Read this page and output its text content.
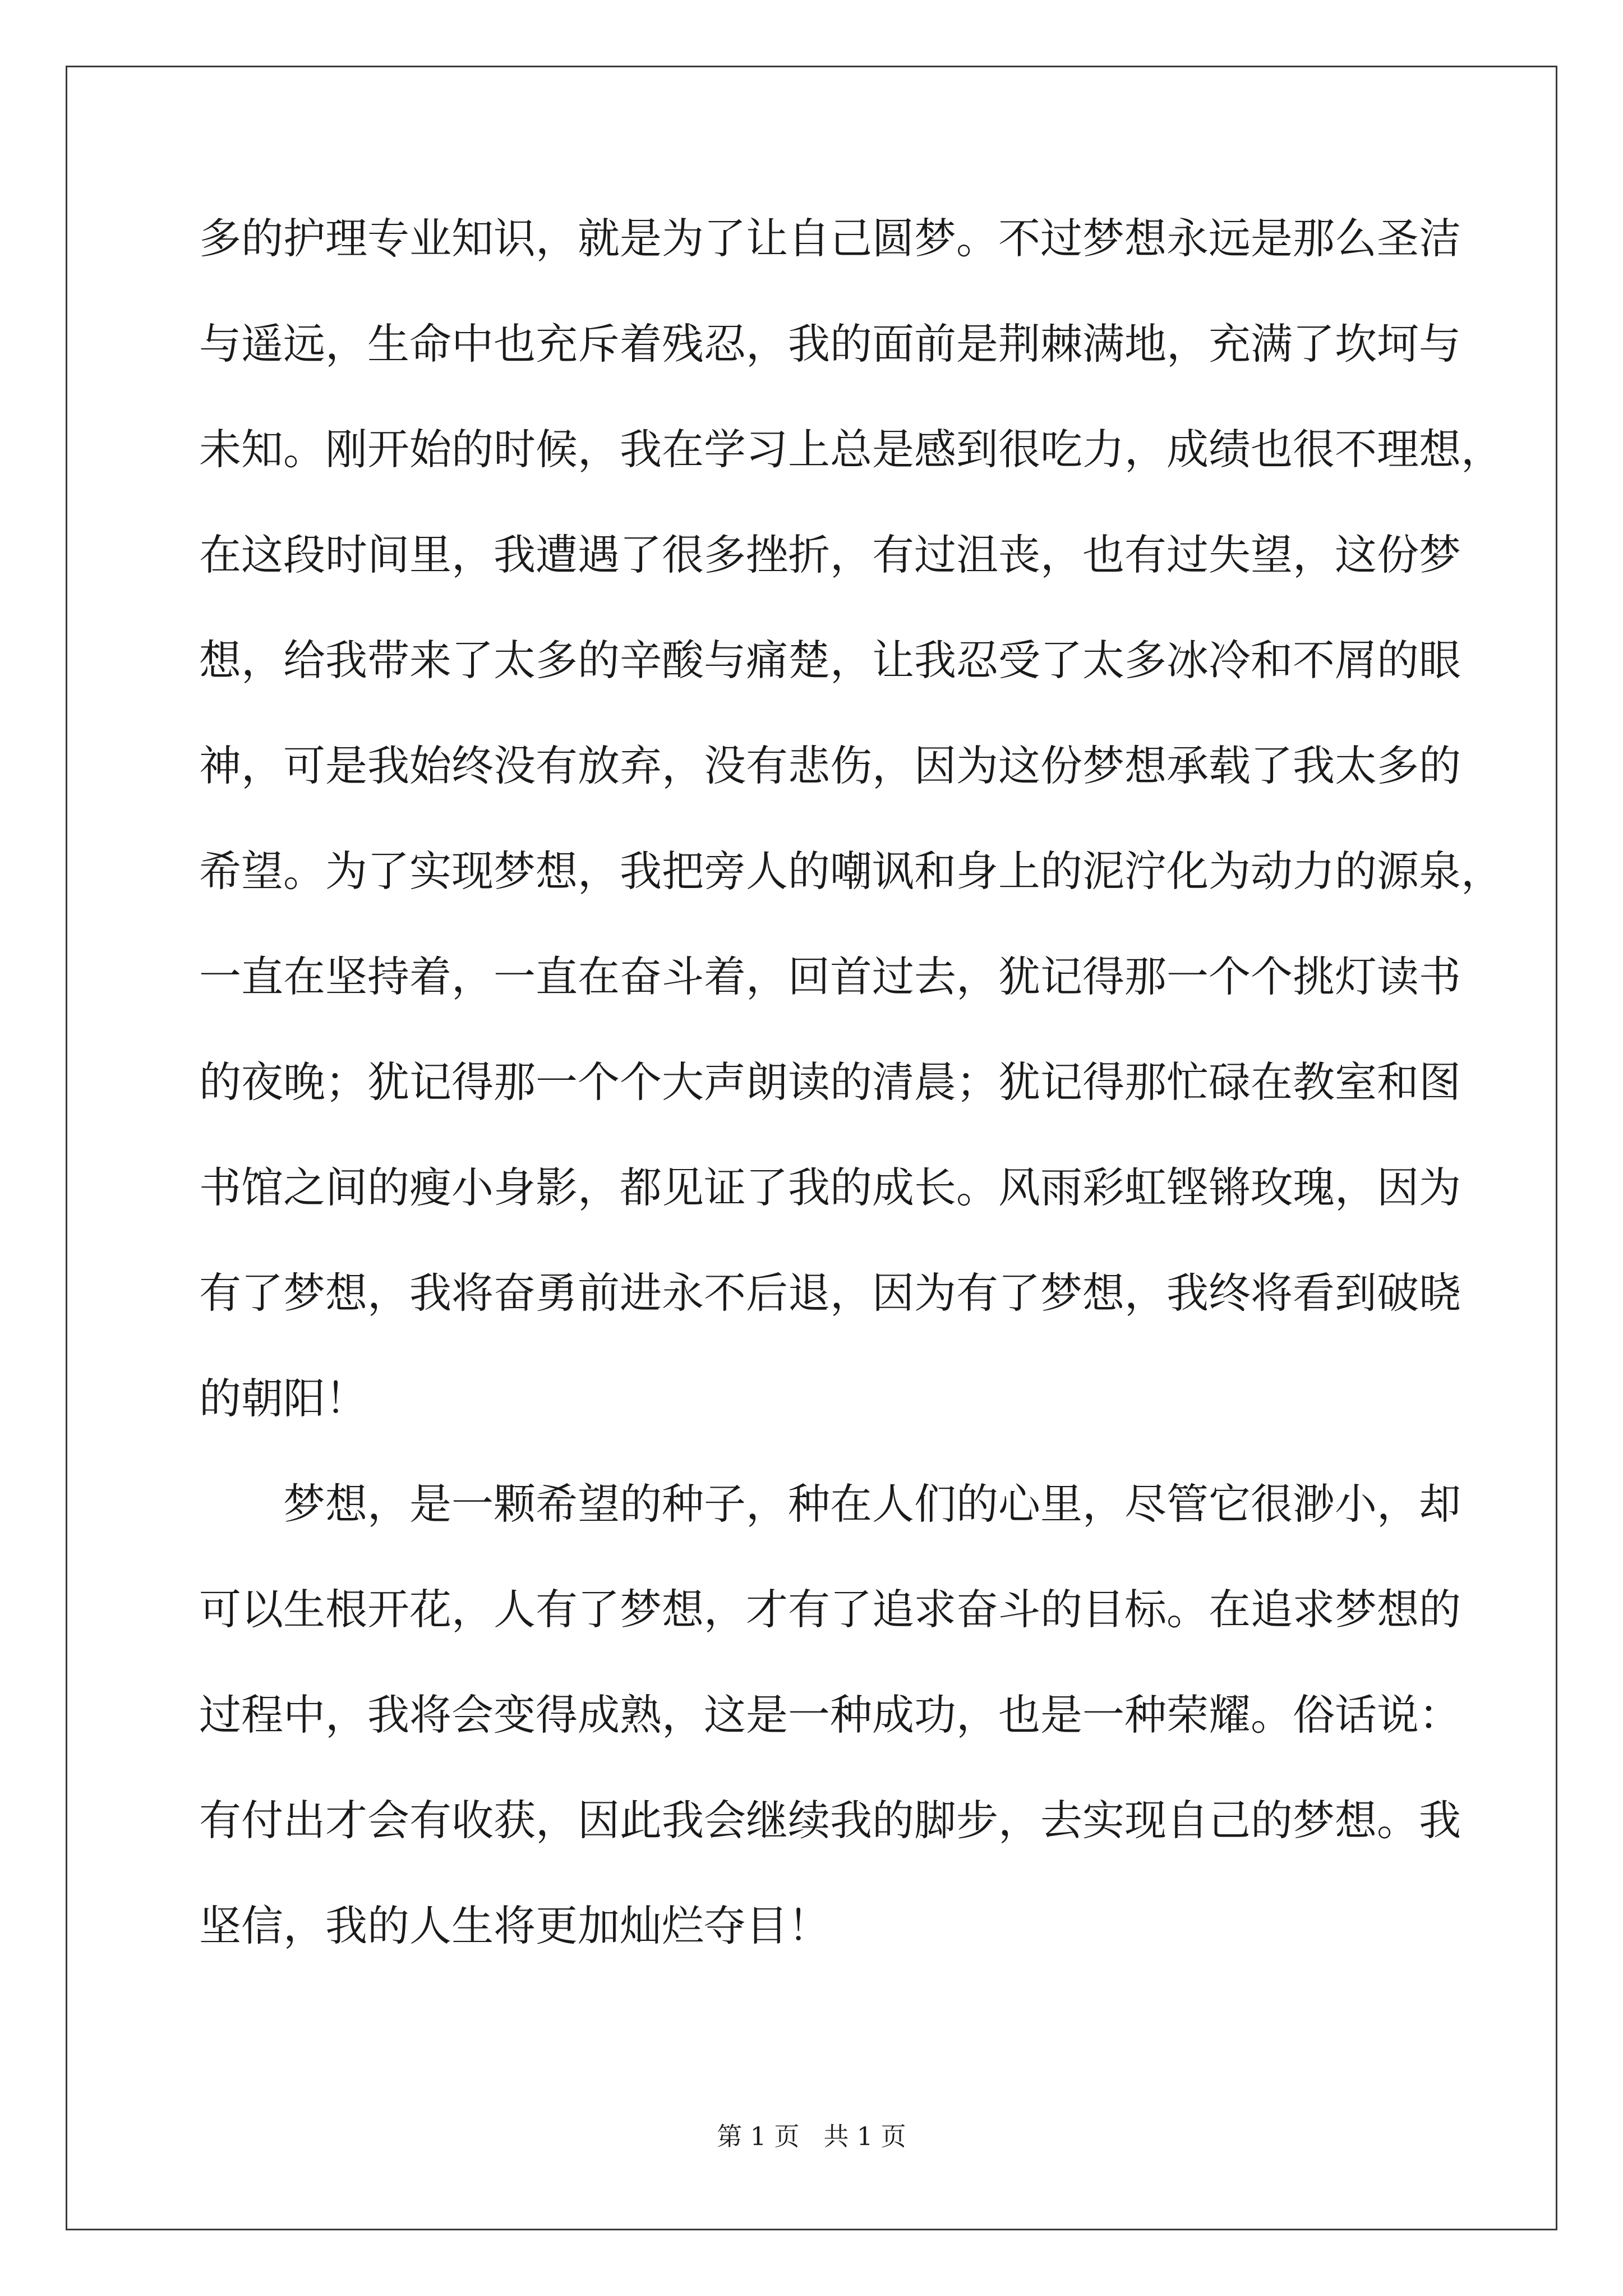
多的护理专业知识，就是为了让自己圆梦。不过梦想永远是那么圣洁
与遥远，生命中也充斥着残忍，我的面前是荆棘满地，充满了坎坷与
未知。刚开始的时候，我在学习上总是感到很吃力，成绩也很不理想，
在这段时间里，我遭遇了很多挫折，有过沮丧，也有过失望，这份梦
想，给我带来了太多的辛酸与痛楚，让我忍受了太多冰冷和不屑的眼
神，可是我始终没有放弃，没有悲伤，因为这份梦想承载了我太多的
希望。为了实现梦想，我把旁人的嘲讽和身上的泥泞化为动力的源泉，
一直在坚持着，一直在奋斗着，回首过去，犹记得那一个个挑灯读书
的夜晚；犹记得那一个个大声朗读的清晨；犹记得那忙碌在教室和图
书馆之间的瘦小身影，都见证了我的成长。风雨彩虹铿锵玫瑰，因为
有了梦想，我将奋勇前进永不后退，因为有了梦想，我终将看到破晓
的朝阳！
梦想，是一颗希望的种子，种在人们的心里，尽管它很渺小，却
可以生根开花，人有了梦想，才有了追求奋斗的目标。在追求梦想的
过程中，我将会变得成熟，这是一种成功，也是一种荣耀。俗话说：
有付出才会有收获，因此我会继续我的脚步，去实现自己的梦想。我
坚信，我的人生将更加灿烂夺目！
第 1 页   共 1 页
